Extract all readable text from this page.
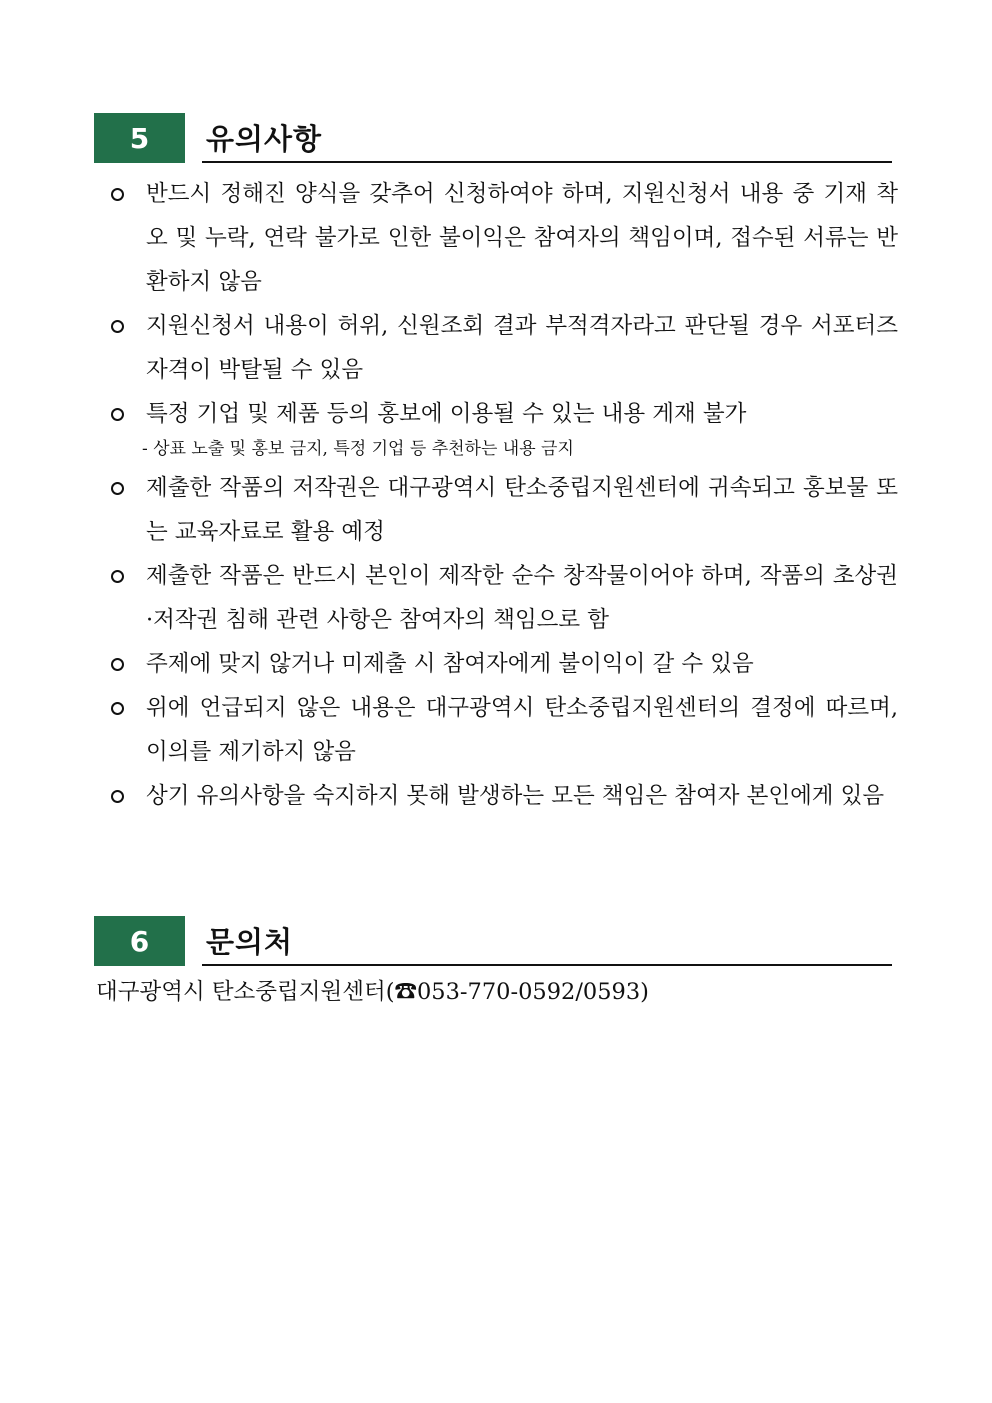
5	유의사항
반드시 정해진 양식을 갖추어 신청하여야 하며, 지원신청서 내용 중 기재 착오 및 누락, 연락 불가로 인한 불이익은 참여자의 책임이며, 접수된 서류는 반환하지 않음
지원신청서 내용이 허위, 신원조회 결과 부적격자라고 판단될 경우 서포터즈 자격이 박탈될 수 있음
특정 기업 및 제품 등의 홍보에 이용될 수 있는 내용 게재 불가
- 상표 노출 및 홍보 금지, 특정 기업 등 추천하는 내용 금지
제출한 작품의 저작권은 대구광역시 탄소중립지원센터에 귀속되고 홍보물 또는 교육자료로 활용 예정
제출한 작품은 반드시 본인이 제작한 순수 창작물이어야 하며, 작품의 초상권·저작권 침해 관련 사항은 참여자의 책임으로 함
주제에 맞지 않거나 미제출 시 참여자에게 불이익이 갈 수 있음
위에 언급되지 않은 내용은 대구광역시 탄소중립지원센터의 결정에 따르며, 이의를 제기하지 않음
상기 유의사항을 숙지하지 못해 발생하는 모든 책임은 참여자 본인에게 있음
6	문의처
대구광역시 탄소중립지원센터(☎053-770-0592/0593)
